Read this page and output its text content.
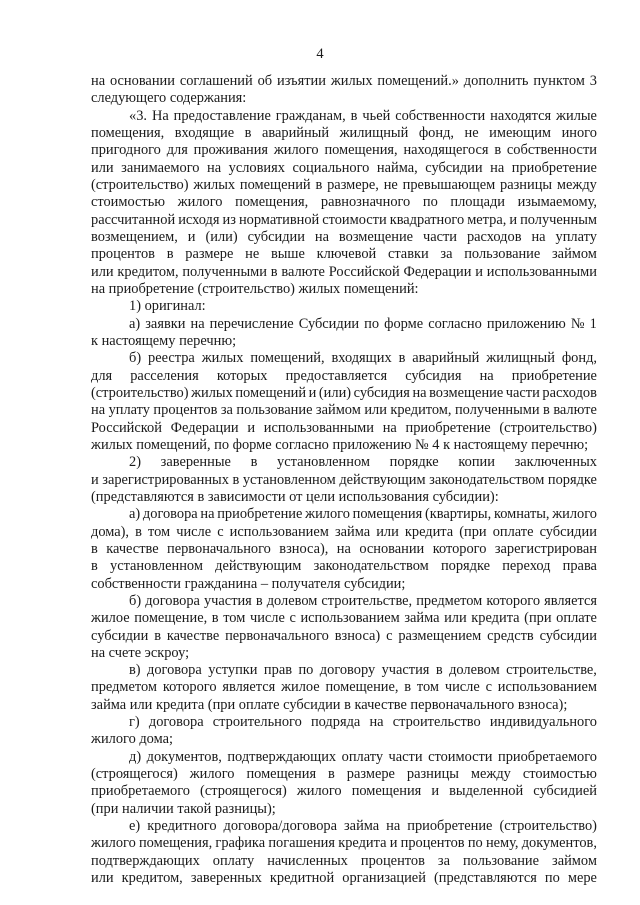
4
на основании соглашений об изъятии жилых помещений.» дополнить пунктом 3
следующего содержания:
«3. На предоставление гражданам, в чьей собственности находятся жилые
помещения, входящие в аварийный жилищный фонд, не имеющим иного
пригодного для проживания жилого помещения, находящегося в собственности
или занимаемого на условиях социального найма, субсидии на приобретение
(строительство) жилых помещений в размере, не превышающем разницы между
стоимостью жилого помещения, равнозначного по площади изымаемому,
рассчитанной исходя из нормативной стоимости квадратного метра, и полученным
возмещением, и (или) субсидии на возмещение части расходов на уплату
процентов в размере не выше ключевой ставки за пользование займом
или кредитом, полученными в валюте Российской Федерации и использованными
на приобретение (строительство) жилых помещений:
1) оригинал:
а) заявки на перечисление Субсидии по форме согласно приложению № 1
к настоящему перечню;
б) реестра жилых помещений, входящих в аварийный жилищный фонд,
для расселения которых предоставляется субсидия на приобретение
(строительство) жилых помещений и (или) субсидия на возмещение части расходов
на уплату процентов за пользование займом или кредитом, полученными в валюте
Российской Федерации и использованными на приобретение (строительство)
жилых помещений, по форме согласно приложению № 4 к настоящему перечню;
2) заверенные в установленном порядке копии заключенных
и зарегистрированных в установленном действующим законодательством порядке
(представляются в зависимости от цели использования субсидии):
а) договора на приобретение жилого помещения (квартиры, комнаты, жилого
дома), в том числе с использованием займа или кредита (при оплате субсидии
в качестве первоначального взноса), на основании которого зарегистрирован
в установленном действующим законодательством порядке переход права
собственности гражданина – получателя субсидии;
б) договора участия в долевом строительстве, предметом которого является
жилое помещение, в том числе с использованием займа или кредита (при оплате
субсидии в качестве первоначального взноса) с размещением средств субсидии
на счете эскроу;
в) договора уступки прав по договору участия в долевом строительстве,
предметом которого является жилое помещение, в том числе с использованием
займа или кредита (при оплате субсидии в качестве первоначального взноса);
г) договора строительного подряда на строительство индивидуального
жилого дома;
д) документов, подтверждающих оплату части стоимости приобретаемого
(строящегося) жилого помещения в размере разницы между стоимостью
приобретаемого (строящегося) жилого помещения и выделенной субсидией
(при наличии такой разницы);
е) кредитного договора/договора займа на приобретение (строительство)
жилого помещения, графика погашения кредита и процентов по нему, документов,
подтверждающих оплату начисленных процентов за пользование займом
или кредитом, заверенных кредитной организацией (представляются по мере
